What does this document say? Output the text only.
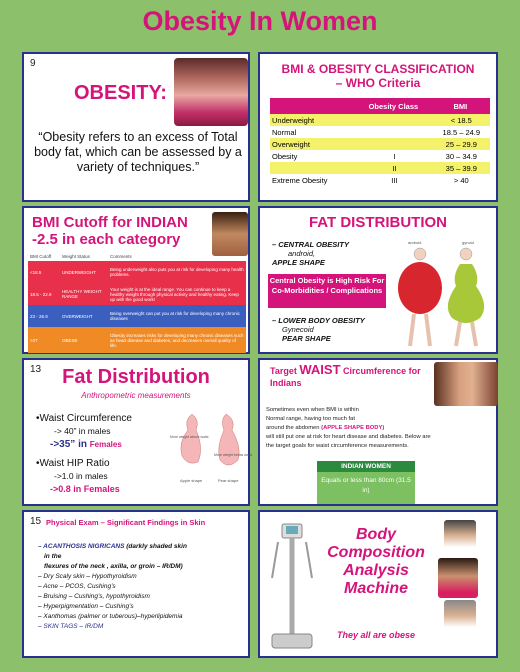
Obesity In Women
9
OBESITY:
“Obesity refers to an excess of Total body fat, which can be assessed by a variety of techniques.”
BMI & OBESITY CLASSIFICATION
– WHO Criteria
	Obesity Class	BMI
Underweight		< 18.5
Normal		18.5 – 24.9
Overweight		25 – 29.9
Obesity	I	30 – 34.9
	II	35 – 39.9
Extreme Obesity	III	> 40
BMI Cutoff for INDIAN
-2.5 in each category
BMI Cutoff	Weight Status	Comments
<18.5	UNDERWEIGHT	Being underweight also puts you at risk for developing many health problems.
18.5 - 22.9	HEALTHY WEIGHT RANGE	Your weight is at the ideal range. You can continue to keep a healthy weight through physical activity and healthy eating. Keep up with the good work!
23 - 26.9	OVERWEIGHT	Being overweight can put you at risk for developing many chronic diseases
>27	OBESE	Obesity increases risks for developing many chronic diseases such as heart disease and diabetes, and decreases overall quality of life.
FAT DISTRIBUTION
– CENTRAL OBESITY
android,
APPLE SHAPE
Central Obesity is High Risk For Co-Morbidities / Complications
– LOWER BODY OBESITY
Gynecoid
PEAR SHAPE
android	gynoid
13	Fat Distribution
Anthropometric measurements
•Waist Circumference
-> 40” in males
->35” in Females
•Waist HIP Ratio
->1.0 in males
->0.8 in Females
More weight above waist
More weight below waist
Apple shape	Pear shape
Target WAIST Circumference for Indians
Sometimes even when BMI is within
Normal range, having too much fat
around the abdomen (APPLE SHAPE BODY)
will still put one at risk for heart disease and diabetes. Below are
the target goals for waist circumference measurements.
INDIAN WOMEN
Equals or less than 80cm (31.5 in)
15 Physical Exam – Significant Findings in Skin
– ACANTHOSIS NIGRICANS (darkly shaded skin
in the
flexures of the neck , axilla, or groin – IR/DM)
– Dry Scaly skin – Hypothyroidism
– Acne – PCOS, Cushing’s
– Bruising – Cushing’s, hypothyroidism
– Hyperpigmentation – Cushing’s
– Xanthomas (palmer or tuberous)–hyperlipidemia
– SKIN TAGS – IR/DM
Body Composition Analysis Machine
They all are obese
